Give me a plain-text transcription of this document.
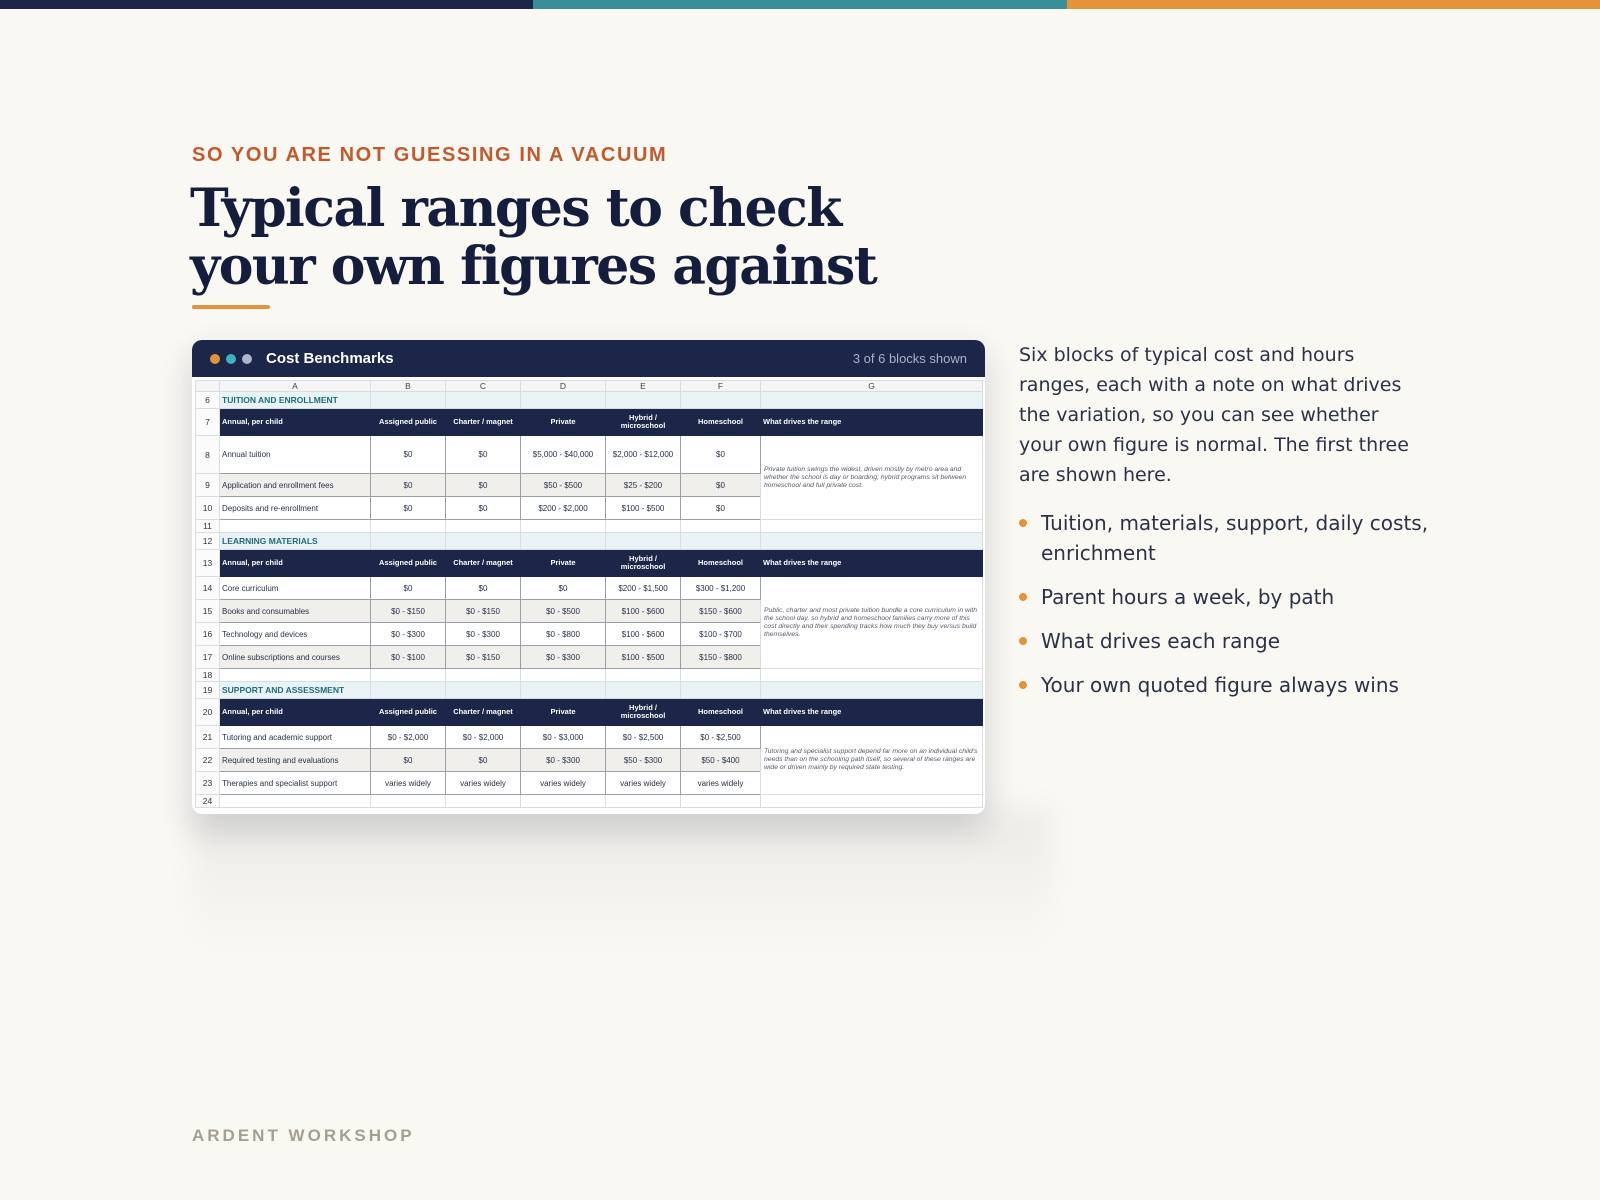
SO YOU ARE NOT GUESSING IN A VACUUM
Typical ranges to check
your own figures against
Cost Benchmarks	3 of 6 blocks shown
	A	B	C	D	E	F	G
6	TUITION AND ENROLLMENT						
7	Annual, per child	Assigned public	Charter / magnet	Private	Hybrid / microschool	Homeschool	What drives the range
8	Annual tuition	$0	$0	$5,000 - $40,000	$2,000 - $12,000	$0	Private tuition swings the widest, driven mostly by metro area and whether the school is day or boarding; hybrid programs sit between homeschool and full private cost.
9	Application and enrollment fees	$0	$0	$50 - $500	$25 - $200	$0	
10	Deposits and re-enrollment	$0	$0	$200 - $2,000	$100 - $500	$0	
11							
12	LEARNING MATERIALS						
13	Annual, per child	Assigned public	Charter / magnet	Private	Hybrid / microschool	Homeschool	What drives the range
14	Core curriculum	$0	$0	$0	$200 - $1,500	$300 - $1,200	Public, charter and most private tuition bundle a core curriculum in with the school day, so hybrid and homeschool families carry more of this cost directly and their spending tracks how much they buy versus build themselves.
15	Books and consumables	$0 - $150	$0 - $150	$0 - $500	$100 - $600	$150 - $600	
16	Technology and devices	$0 - $300	$0 - $300	$0 - $800	$100 - $600	$100 - $700	
17	Online subscriptions and courses	$0 - $100	$0 - $150	$0 - $300	$100 - $500	$150 - $800	
18							
19	SUPPORT AND ASSESSMENT						
20	Annual, per child	Assigned public	Charter / magnet	Private	Hybrid / microschool	Homeschool	What drives the range
21	Tutoring and academic support	$0 - $2,000	$0 - $2,000	$0 - $3,000	$0 - $2,500	$0 - $2,500	Tutoring and specialist support depend far more on an individual child's needs than on the schooling path itself, so several of these ranges are wide or driven mainly by required state testing.
22	Required testing and evaluations	$0	$0	$0 - $300	$50 - $300	$50 - $400	
23	Therapies and specialist support	varies widely	varies widely	varies widely	varies widely	varies widely	
24							

Six blocks of typical cost and hours ranges, each with a note on what drives the variation, so you can see whether your own figure is normal. The first three are shown here.

Tuition, materials, support, daily costs, enrichment
Parent hours a week, by path
What drives each range
Your own quoted figure always wins
ARDENT WORKSHOP
